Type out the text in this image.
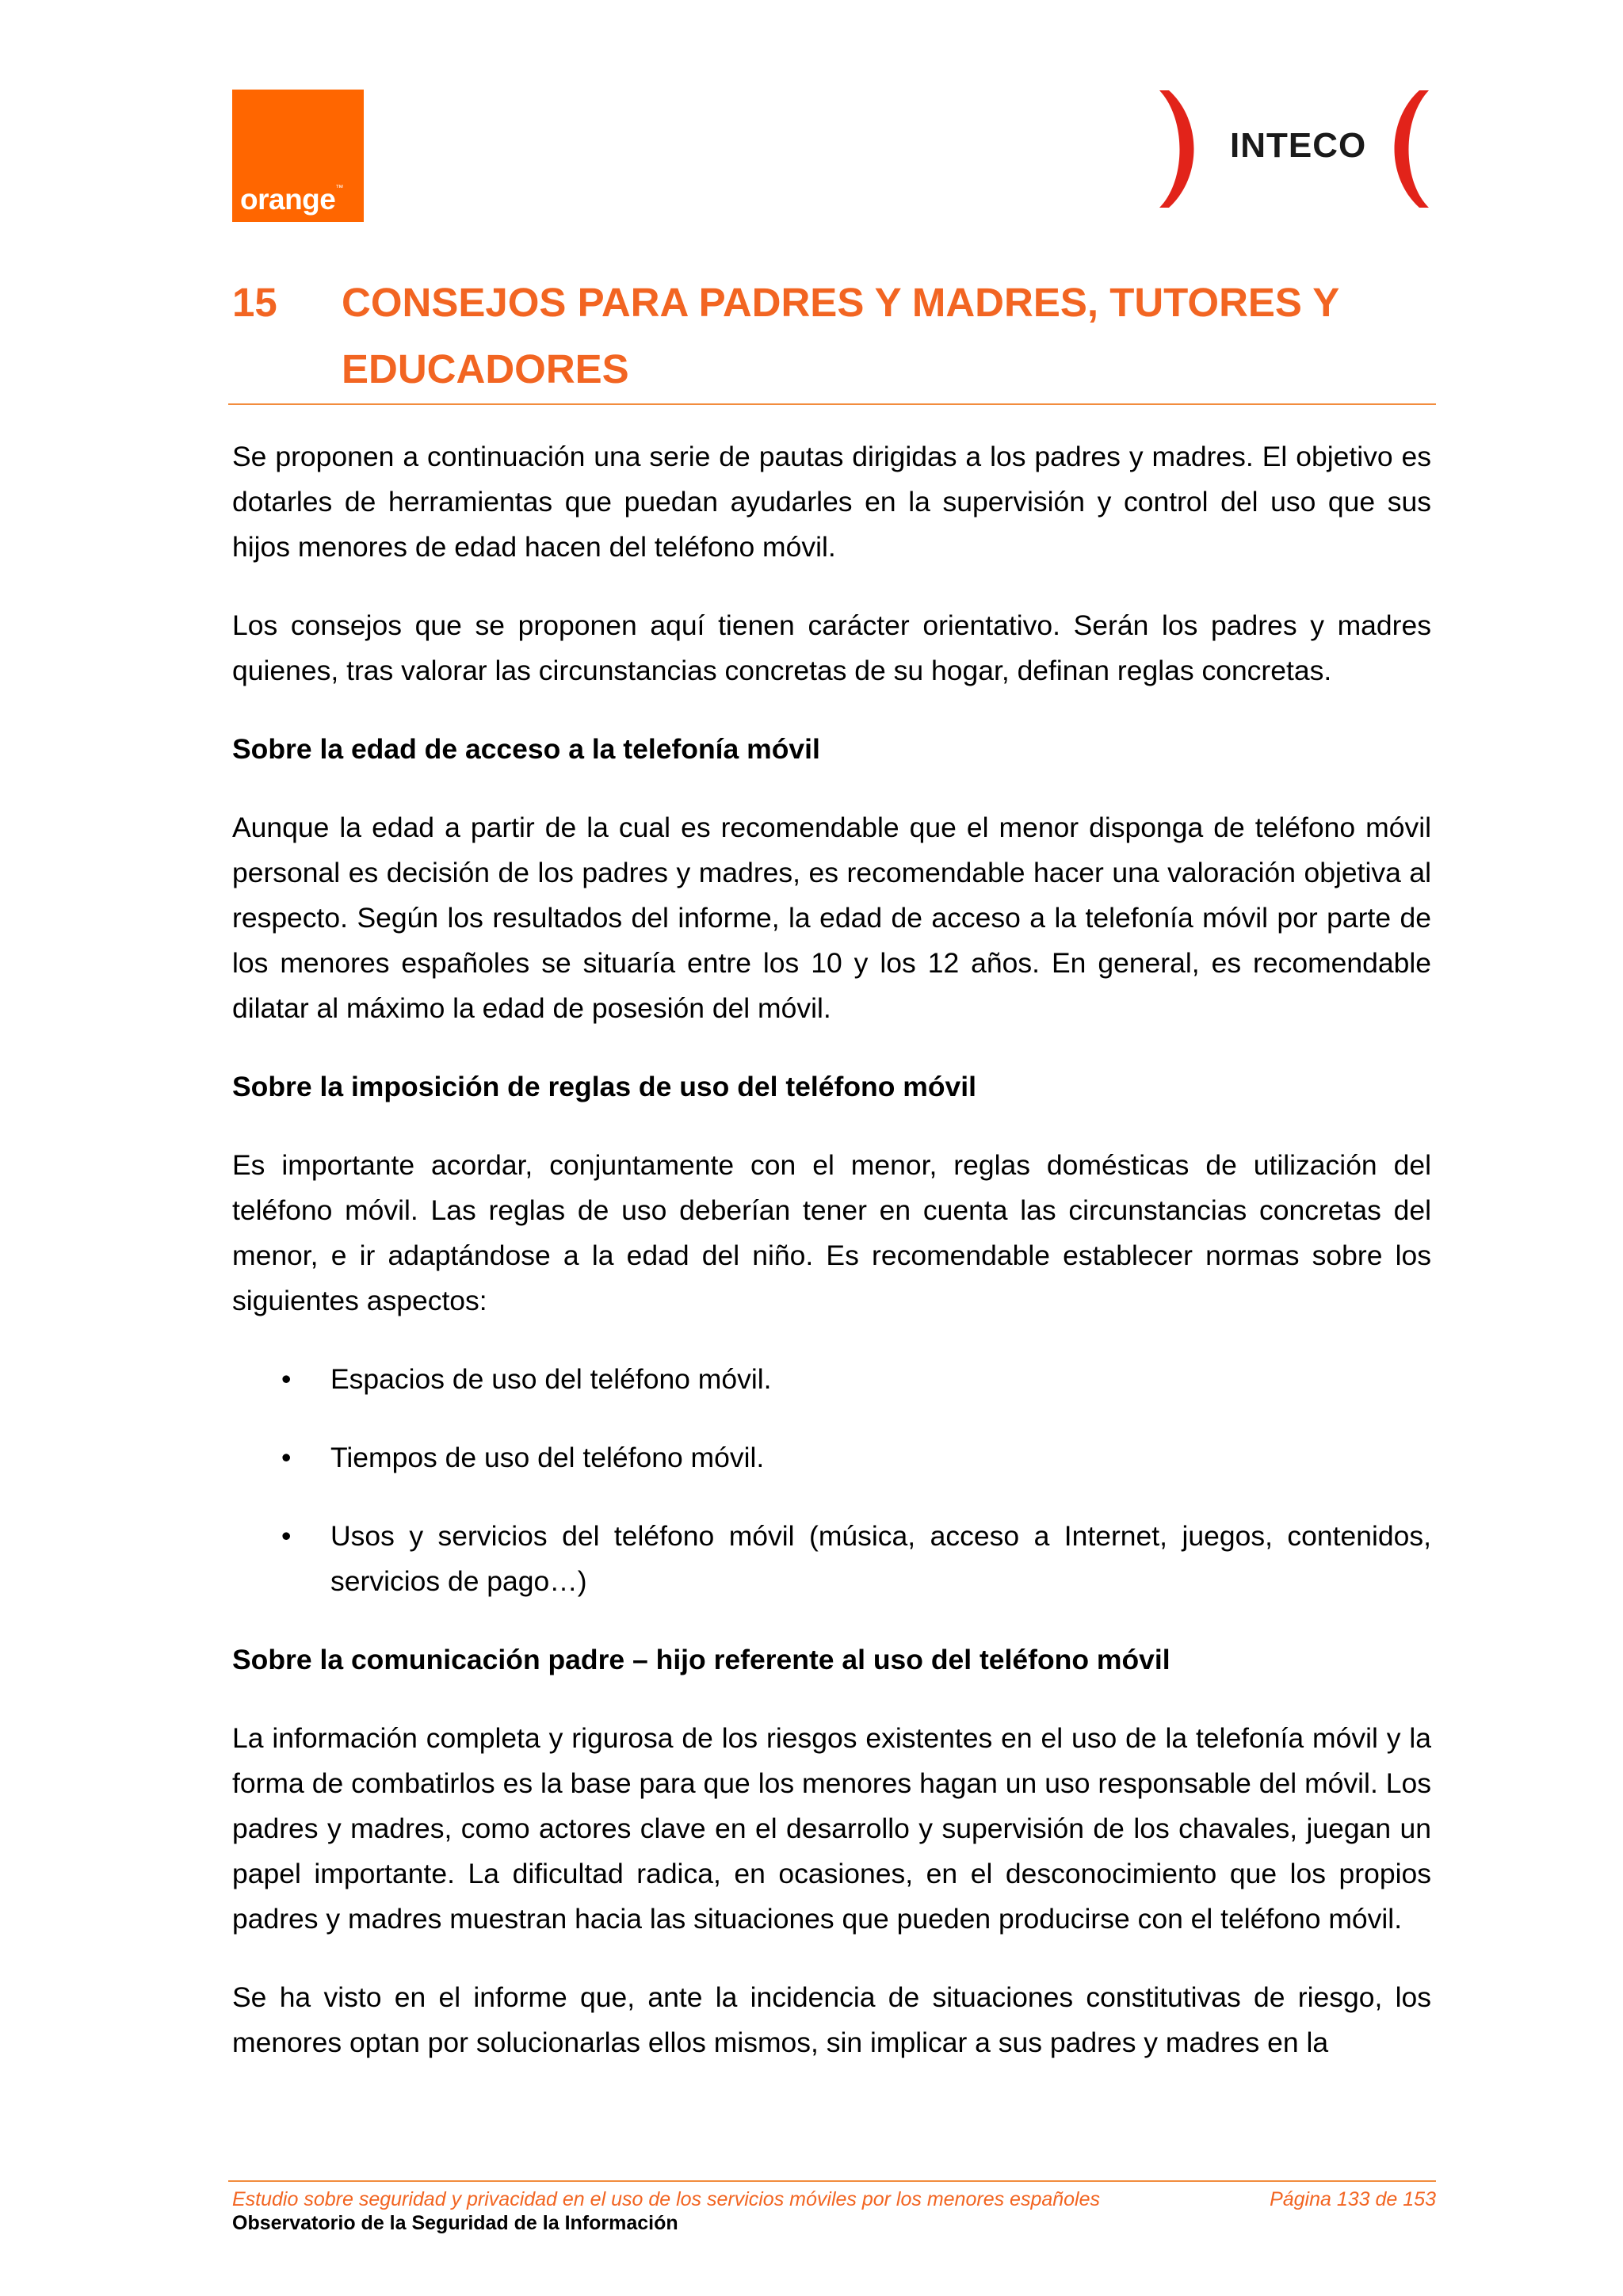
orange™
INTECO
15	CONSEJOS PARA PADRES Y MADRES, TUTORES Y EDUCADORES

Se proponen a continuación una serie de pautas dirigidas a los padres y madres. El objetivo es dotarles de herramientas que puedan ayudarles en la supervisión y control del uso que sus hijos menores de edad hacen del teléfono móvil.

Los consejos que se proponen aquí tienen carácter orientativo. Serán los padres y madres quienes, tras valorar las circunstancias concretas de su hogar, definan reglas concretas.

Sobre la edad de acceso a la telefonía móvil

Aunque la edad a partir de la cual es recomendable que el menor disponga de teléfono móvil personal es decisión de los padres y madres, es recomendable hacer una valoración objetiva al respecto. Según los resultados del informe, la edad de acceso a la telefonía móvil por parte de los menores españoles se situaría entre los 10 y los 12 años. En general, es recomendable dilatar al máximo la edad de posesión del móvil.

Sobre la imposición de reglas de uso del teléfono móvil

Es importante acordar, conjuntamente con el menor, reglas domésticas de utilización del teléfono móvil. Las reglas de uso deberían tener en cuenta las circunstancias concretas del menor, e ir adaptándose a la edad del niño. Es recomendable establecer normas sobre los siguientes aspectos:

• Espacios de uso del teléfono móvil.
• Tiempos de uso del teléfono móvil.
• Usos y servicios del teléfono móvil (música, acceso a Internet, juegos, contenidos, servicios de pago…)
Sobre la comunicación padre – hijo referente al uso del teléfono móvil

La información completa y rigurosa de los riesgos existentes en el uso de la telefonía móvil y la forma de combatirlos es la base para que los menores hagan un uso responsable del móvil. Los padres y madres, como actores clave en el desarrollo y supervisión de los chavales, juegan un papel importante. La dificultad radica, en ocasiones, en el desconocimiento que los propios padres y madres muestran hacia las situaciones que pueden producirse con el teléfono móvil.

Se ha visto en el informe que, ante la incidencia de situaciones constitutivas de riesgo, los menores optan por solucionarlas ellos mismos, sin implicar a sus padres y madres en la

Estudio sobre seguridad y privacidad en el uso de los servicios móviles por los menores españoles	Página 133 de 153
Observatorio de la Seguridad de la Información
